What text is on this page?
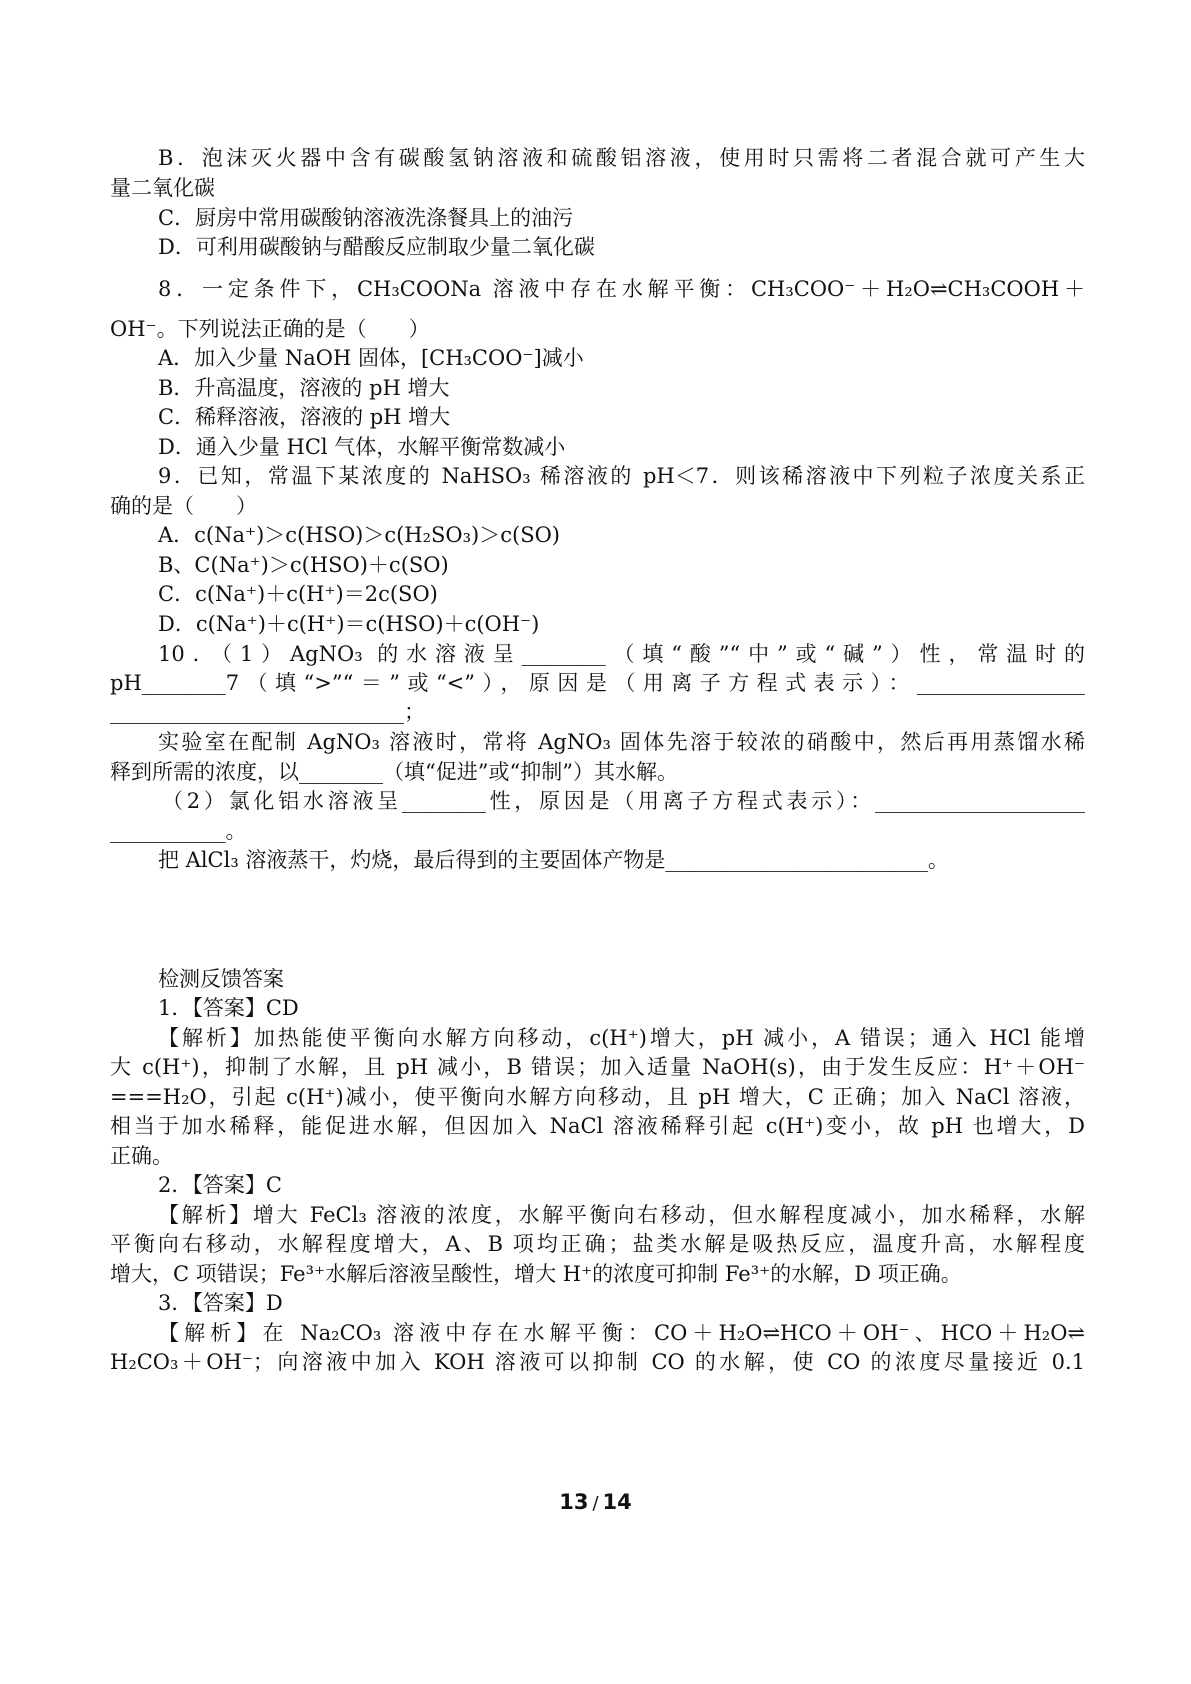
B．泡沫灭火器中含有碳酸氢钠溶液和硫酸铝溶液，使用时只需将二者混合就可产生大
量二氧化碳
C．厨房中常用碳酸钠溶液洗涤餐具上的油污
D．可利用碳酸钠与醋酸反应制取少量二氧化碳
8．一定条件下，CH₃COONa 溶液中存在水解平衡：CH₃COO⁻＋H₂O⇌CH₃COOH＋
OH⁻。下列说法正确的是（　　）
A．加入少量 NaOH 固体，[CH₃COO⁻]减小
B．升高温度，溶液的 pH 增大
C．稀释溶液，溶液的 pH 增大
D．通入少量 HCl 气体，水解平衡常数减小
9．已知，常温下某浓度的 NaHSO₃ 稀溶液的 pH＜7．则该稀溶液中下列粒子浓度关系正
确的是（　　）
A．c(Na⁺)＞c(HSO)＞c(H₂SO₃)＞c(SO)
B、C(Na⁺)＞c(HSO)＋c(SO)
C．c(Na⁺)＋c(H⁺)＝2c(SO)
D．c(Na⁺)＋c(H⁺)＝c(HSO)＋c(OH⁻)
10．（1）AgNO₃ 的水溶液呈________（填“酸”“中”或“碱”）性，常温时的
pH________7（填“>”“＝”或“<”），原因是（用离子方程式表示）：________________
____________________________；
实验室在配制 AgNO₃ 溶液时，常将 AgNO₃ 固体先溶于较浓的硝酸中，然后再用蒸馏水稀
释到所需的浓度，以________（填“促进”或“抑制”）其水解。
（2）氯化铝水溶液呈________性，原因是（用离子方程式表示）：____________________
___________。
把 AlCl₃ 溶液蒸干，灼烧，最后得到的主要固体产物是_________________________。
检测反馈答案
1．【答案】CD
【解析】加热能使平衡向水解方向移动，c(H⁺)增大，pH 减小，A 错误；通入 HCl 能增
大 c(H⁺)，抑制了水解，且 pH 减小，B 错误；加入适量 NaOH(s)，由于发生反应：H⁺＋OH⁻
===H₂O，引起 c(H⁺)减小，使平衡向水解方向移动，且 pH 增大，C 正确；加入 NaCl 溶液，
相当于加水稀释，能促进水解，但因加入 NaCl 溶液稀释引起 c(H⁺)变小，故 pH 也增大，D
正确。
2．【答案】C
【解析】增大 FeCl₃ 溶液的浓度，水解平衡向右移动，但水解程度减小，加水稀释，水解
平衡向右移动，水解程度增大，A、B 项均正确；盐类水解是吸热反应，温度升高，水解程度
增大，C 项错误；Fe³⁺水解后溶液呈酸性，增大 H⁺的浓度可抑制 Fe³⁺的水解，D 项正确。
3．【答案】D
【解析】在 Na₂CO₃ 溶液中存在水解平衡：CO＋H₂O⇌HCO＋OH⁻、HCO＋H₂O⇌
H₂CO₃＋OH⁻；向溶液中加入 KOH 溶液可以抑制 CO 的水解，使 CO 的浓度尽量接近 0.1
13 / 14
